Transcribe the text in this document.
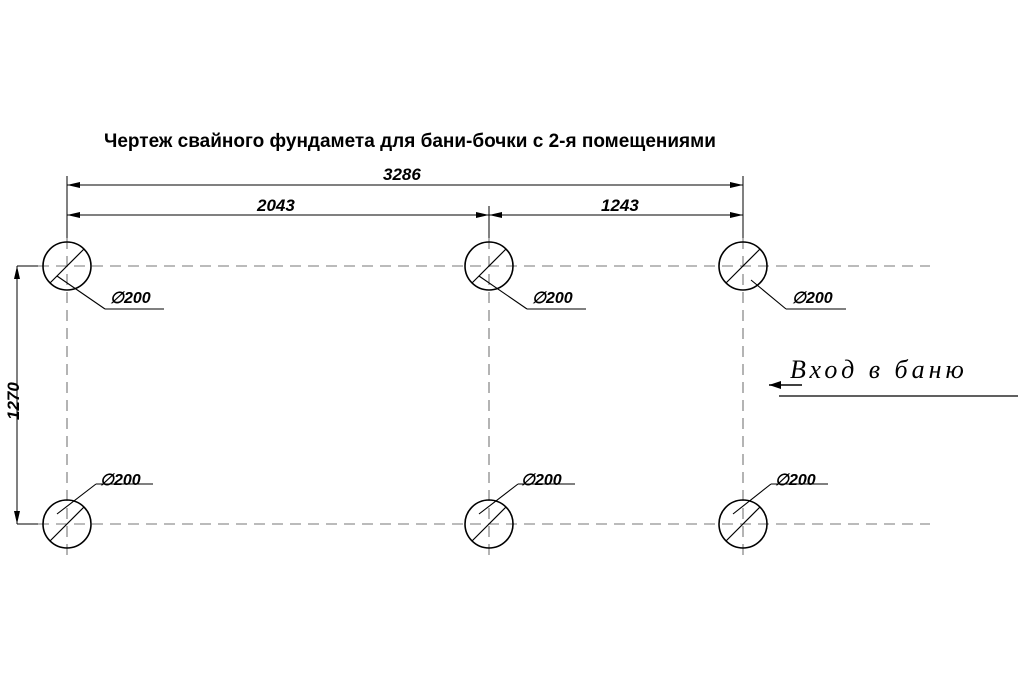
Чертеж свайного фундамета для бани-бочки с 2-я помещениями
3286
2043	1243
1270
∅200	∅200	∅200
∅200	∅200	∅200
Вход в баню
